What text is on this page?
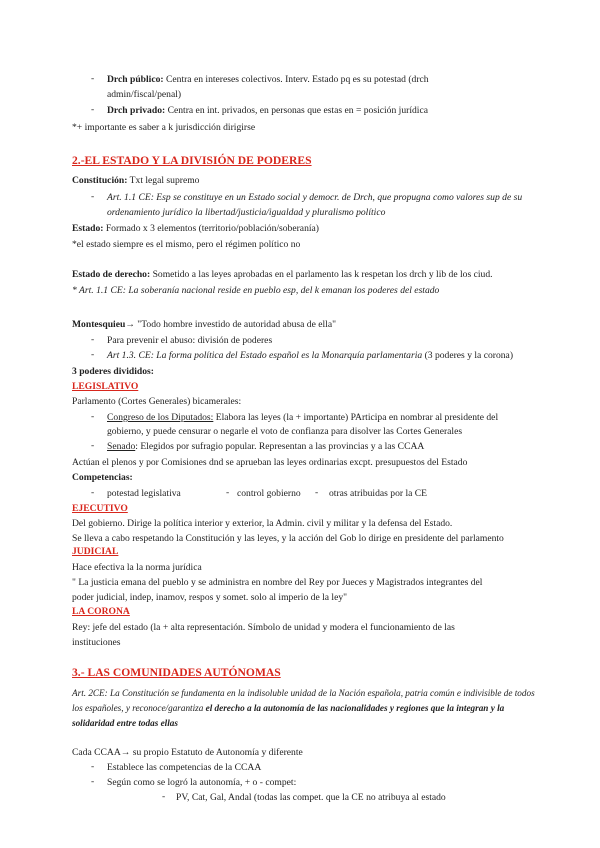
- Drch público: Centra en intereses colectivos. Interv. Estado pq es su potestad (drch
admin/fiscal/penal)
- Drch privado: Centra en int. privados, en personas que estas en = posición jurídica
*+ importante es saber a k jurisdicción dirigirse
2.-EL ESTADO Y LA DIVISIÓN DE PODERES
Constitución: Txt legal supremo
- Art. 1.1 CE: Esp se constituye en un Estado social y democr. de Drch, que propugna como valores sup de su
ordenamiento jurídico la libertad/justicia/igualdad y pluralismo político
Estado: Formado x 3 elementos (territorio/población/soberanía)
*el estado siempre es el mismo, pero el régimen político no
Estado de derecho: Sometido a las leyes aprobadas en el parlamento las k respetan los drch y lib de los ciud.
* Art. 1.1 CE: La soberanía nacional reside en pueblo esp, del k emanan los poderes del estado
Montesquieu→ "Todo hombre investido de autoridad abusa de ella"
- Para prevenir el abuso: división de poderes
- Art 1.3. CE: La forma política del Estado español es la Monarquía parlamentaria (3 poderes y la corona)
3 poderes divididos:
LEGISLATIVO
Parlamento (Cortes Generales) bicamerales:
- Congreso de los Diputados: Elabora las leyes (la + importante) PArticipa en nombrar al presidente del
gobierno, y puede censurar o negarle el voto de confianza para disolver las Cortes Generales
- Senado: Elegidos por sufragio popular. Representan a las provincias y a las CCAA
Actúan el plenos y por Comisiones dnd se aprueban las leyes ordinarias excpt. presupuestos del Estado
Competencias:
- potestad legislativa	- control gobierno - otras atribuidas por la CE
EJECUTIVO
Del gobierno. Dirige la política interior y exterior, la Admin. civil y militar y la defensa del Estado.
Se lleva a cabo respetando la Constitución y las leyes, y la acción del Gob lo dirige en presidente del parlamento
JUDICIAL
Hace efectiva la la norma jurídica
" La justicia emana del pueblo y se administra en nombre del Rey por Jueces y Magistrados integrantes del
poder judicial, indep, inamov, respos y somet. solo al imperio de la ley"
LA CORONA
Rey: jefe del estado (la + alta representación. Símbolo de unidad y modera el funcionamiento de las
instituciones
3.- LAS COMUNIDADES AUTÓNOMAS
Art. 2CE: La Constitución se fundamenta en la indisoluble unidad de la Nación española, patria común e indivisible de todos
los españoles, y reconoce/garantiza el derecho a la autonomía de las nacionalidades y regiones que la integran y la
solidaridad entre todas ellas
Cada CCAA→ su propio Estatuto de Autonomía y diferente
- Establece las competencias de la CCAA
- Según como se logró la autonomía, + o - compet:
- PV, Cat, Gal, Andal (todas las compet. que la CE no atribuya al estado
